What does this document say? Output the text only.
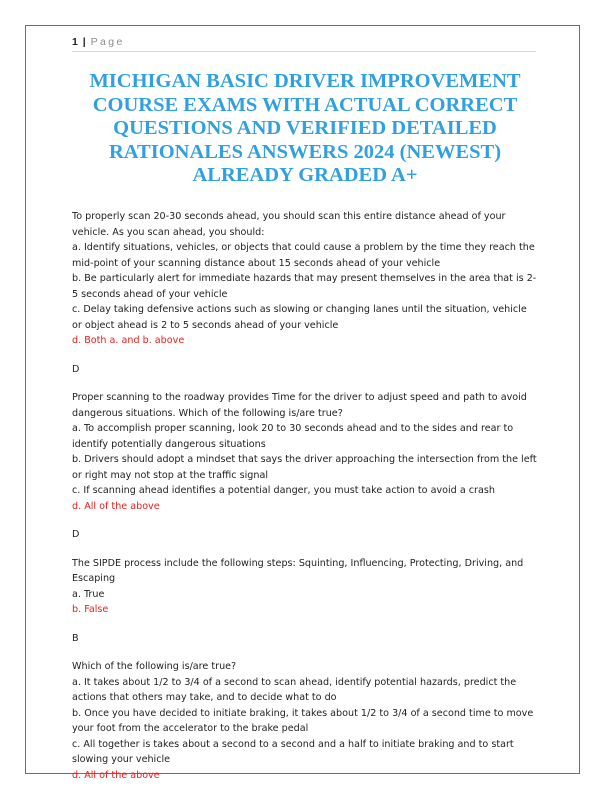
1 | Page
MICHIGAN BASIC DRIVER IMPROVEMENT COURSE EXAMS WITH ACTUAL CORRECT QUESTIONS AND VERIFIED DETAILED RATIONALES ANSWERS 2024 (NEWEST) ALREADY GRADED A+

To properly scan 20-30 seconds ahead, you should scan this entire distance ahead of your vehicle. As you scan ahead, you should:

a. Identify situations, vehicles, or objects that could cause a problem by the time they reach the mid-point of your scanning distance about 15 seconds ahead of your vehicle

b. Be particularly alert for immediate hazards that may present themselves in the area that is 2-5 seconds ahead of your vehicle

c. Delay taking defensive actions such as slowing or changing lanes until the situation, vehicle or object ahead is 2 to 5 seconds ahead of your vehicle

d. Both a. and b. above

D

Proper scanning to the roadway provides Time for the driver to adjust speed and path to avoid dangerous situations. Which of the following is/are true?

a. To accomplish proper scanning, look 20 to 30 seconds ahead and to the sides and rear to identify potentially dangerous situations

b. Drivers should adopt a mindset that says the driver approaching the intersection from the left or right may not stop at the traffic signal

c. If scanning ahead identifies a potential danger, you must take action to avoid a crash

d. All of the above

D

The SIPDE process include the following steps: Squinting, Influencing, Protecting, Driving, and Escaping

a. True

b. False

B

Which of the following is/are true?

a. It takes about 1/2 to 3/4 of a second to scan ahead, identify potential hazards, predict the actions that others may take, and to decide what to do

b. Once you have decided to initiate braking, it takes about 1/2 to 3/4 of a second time to move your foot from the accelerator to the brake pedal

c. All together is takes about a second to a second and a half to initiate braking and to start slowing your vehicle

d. All of the above
